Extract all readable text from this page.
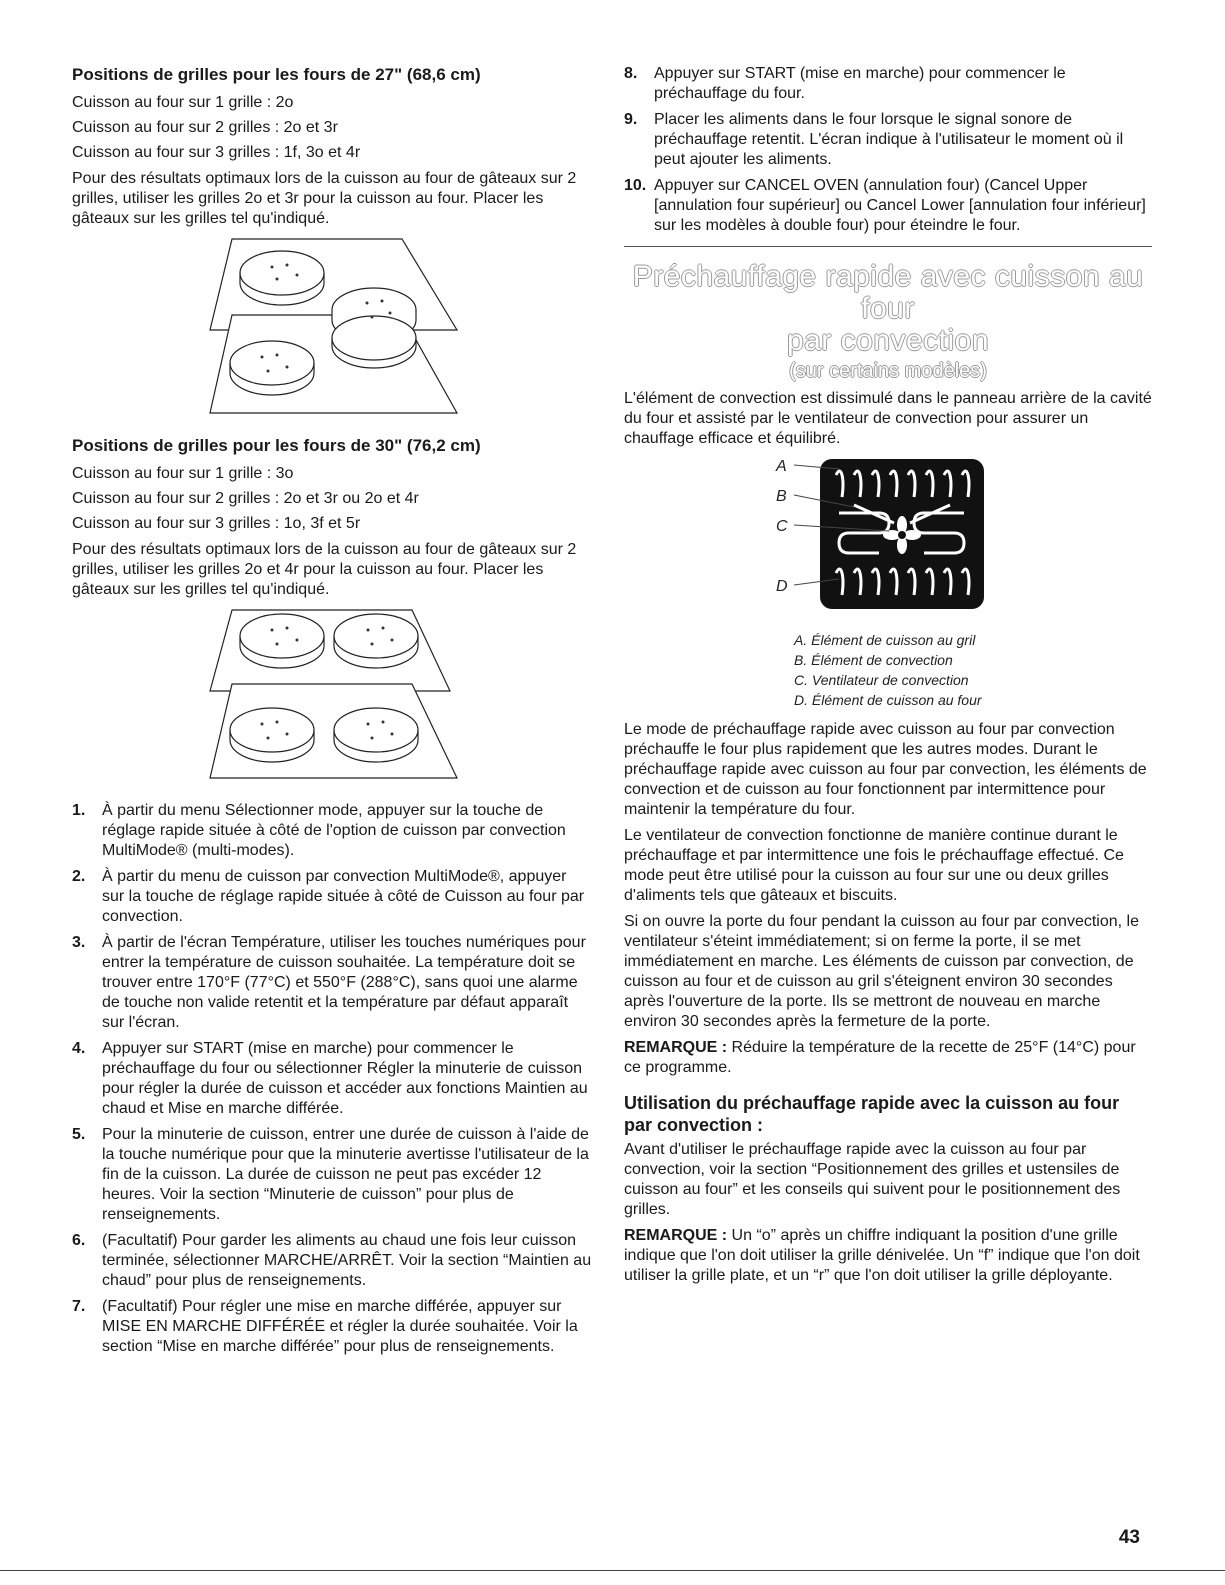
Positions de grilles pour les fours de 27" (68,6 cm)

Cuisson au four sur 1 grille : 2o

Cuisson au four sur 2 grilles : 2o et 3r

Cuisson au four sur 3 grilles : 1f, 3o et 4r

Pour des résultats optimaux lors de la cuisson au four de gâteaux sur 2 grilles, utiliser les grilles 2o et 3r pour la cuisson au four. Placer les gâteaux sur les grilles tel qu'indiqué.

Positions de grilles pour les fours de 30" (76,2 cm)

Cuisson au four sur 1 grille : 3o

Cuisson au four sur 2 grilles : 2o et 3r ou 2o et 4r

Cuisson au four sur 3 grilles : 1o, 3f et 5r

Pour des résultats optimaux lors de la cuisson au four de gâteaux sur 2 grilles, utiliser les grilles 2o et 4r pour la cuisson au four. Placer les gâteaux sur les grilles tel qu'indiqué.

1. À partir du menu Sélectionner mode, appuyer sur la touche de réglage rapide située à côté de l'option de cuisson par convection MultiMode® (multi-modes).
2. À partir du menu de cuisson par convection MultiMode®, appuyer sur la touche de réglage rapide située à côté de Cuisson au four par convection.
3. À partir de l'écran Température, utiliser les touches numériques pour entrer la température de cuisson souhaitée. La température doit se trouver entre 170°F (77°C) et 550°F (288°C), sans quoi une alarme de touche non valide retentit et la température par défaut apparaît sur l'écran.
4. Appuyer sur START (mise en marche) pour commencer le préchauffage du four ou sélectionner Régler la minuterie de cuisson pour régler la durée de cuisson et accéder aux fonctions Maintien au chaud et Mise en marche différée.
5. Pour la minuterie de cuisson, entrer une durée de cuisson à l'aide de la touche numérique pour que la minuterie avertisse l'utilisateur de la fin de la cuisson. La durée de cuisson ne peut pas excéder 12 heures. Voir la section “Minuterie de cuisson” pour plus de renseignements.
6. (Facultatif) Pour garder les aliments au chaud une fois leur cuisson terminée, sélectionner MARCHE/ARRÊT. Voir la section “Maintien au chaud” pour plus de renseignements.
7. (Facultatif) Pour régler une mise en marche différée, appuyer sur MISE EN MARCHE DIFFÉRÉE et régler la durée souhaitée. Voir la section “Mise en marche différée” pour plus de renseignements.
8. Appuyer sur START (mise en marche) pour commencer le préchauffage du four.
9. Placer les aliments dans le four lorsque le signal sonore de préchauffage retentit. L'écran indique à l'utilisateur le moment où il peut ajouter les aliments.
10. Appuyer sur CANCEL OVEN (annulation four) (Cancel Upper [annulation four supérieur] ou Cancel Lower [annulation four inférieur] sur les modèles à double four) pour éteindre le four.
Préchauffage rapide avec cuisson au four
par convection
(sur certains modèles)

L'élément de convection est dissimulé dans le panneau arrière de la cavité du four et assisté par le ventilateur de convection pour assurer un chauffage efficace et équilibré.

A
B
C
D
A. Élément de cuisson au gril
B. Élément de convection
C. Ventilateur de convection
D. Élément de cuisson au four

Le mode de préchauffage rapide avec cuisson au four par convection préchauffe le four plus rapidement que les autres modes. Durant le préchauffage rapide avec cuisson au four par convection, les éléments de convection et de cuisson au four fonctionnent par intermittence pour maintenir la température du four.

Le ventilateur de convection fonctionne de manière continue durant le préchauffage et par intermittence une fois le préchauffage effectué. Ce mode peut être utilisé pour la cuisson au four sur une ou deux grilles d'aliments tels que gâteaux et biscuits.

Si on ouvre la porte du four pendant la cuisson au four par convection, le ventilateur s'éteint immédiatement; si on ferme la porte, il se met immédiatement en marche. Les éléments de cuisson par convection, de cuisson au four et de cuisson au gril s'éteignent environ 30 secondes après l'ouverture de la porte. Ils se mettront de nouveau en marche environ 30 secondes après la fermeture de la porte.

REMARQUE : Réduire la température de la recette de 25°F (14°C) pour ce programme.

Utilisation du préchauffage rapide avec la cuisson au four par convection :

Avant d'utiliser le préchauffage rapide avec la cuisson au four par convection, voir la section “Positionnement des grilles et ustensiles de cuisson au four” et les conseils qui suivent pour le positionnement des grilles.

REMARQUE : Un “o” après un chiffre indiquant la position d'une grille indique que l'on doit utiliser la grille dénivelée. Un “f” indique que l'on doit utiliser la grille plate, et un “r” que l'on doit utiliser la grille déployante.

43
